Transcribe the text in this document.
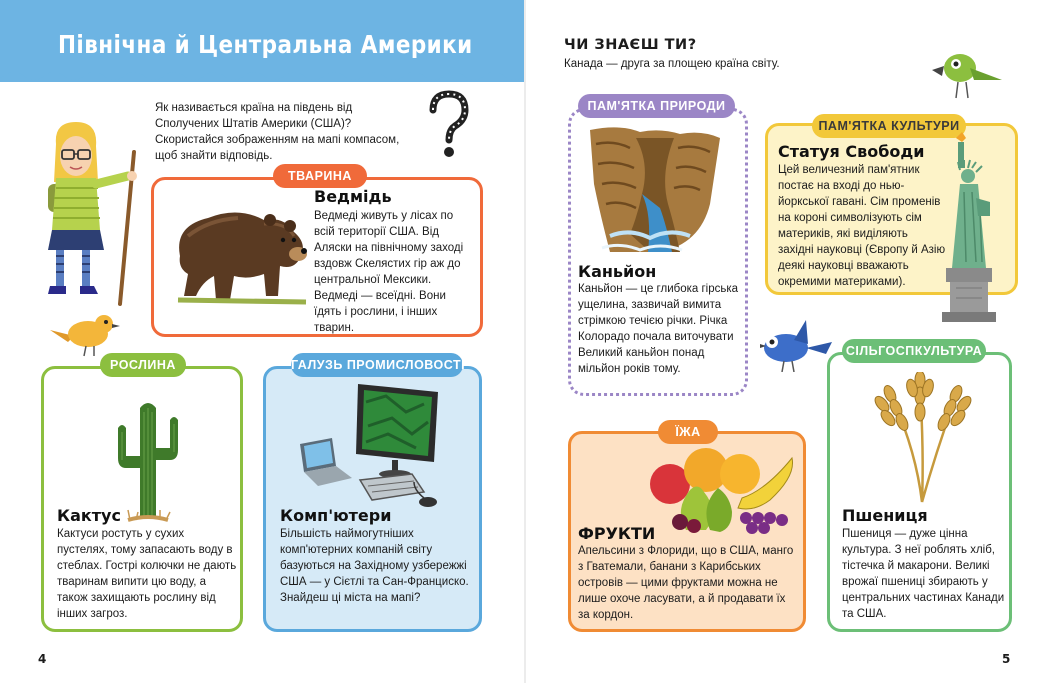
Північна й Центральна Америки
Як називається країна на південь від Сполучених Штатів Америки (США)? Скористайся зображенням на мапі компасом, щоб знайти відповідь.
ТВАРИНА
Ведмідь
Ведмеді живуть у лісах по всій території США. Від Аляски на північному заході вздовж Скелястих гір аж до центральної Мексики. Ведмеді — всеїдні. Вони їдять і рослини, і інших тварин.
РОСЛИНА
Кактус
Кактуси ростуть у сухих пустелях, тому запасають воду в стеблах. Гострі колючки не дають тваринам випити цю воду, а також захищають рослину від інших загроз.
ГАЛУЗЬ ПРОМИСЛОВОСТІ
Комп'ютери
Більшість наймогутніших комп'ютерних компаній світу базуються на Західному узбережжі США — у Сієтлі та Сан-Франциско. Знайдеш ці міста на мапі?
4
ЧИ ЗНАЄШ ТИ?
Канада — друга за площею країна світу.
ПАМ'ЯТКА ПРИРОДИ
Каньйон
Каньйон — це глибока гірська ущелина, зазвичай вимита стрімкою течією річки. Річка Колорадо почала виточувати Великий каньйон понад мільйон років тому.
ПАМ'ЯТКА КУЛЬТУРИ
Статуя Свободи
Цей величезний пам'ятник постає на вході до нью-йоркської гавані. Сім променів на короні символізують сім материків, які виділяють західні науковці (Європу й Азію деякі науковці вважають окремими материками).
СІЛЬГОСПКУЛЬТУРА
Пшениця
Пшениця — дуже цінна культура. З неї роблять хліб, тістечка й макарони. Великі врожаї пшениці збирають у центральних частинах Канади та США.
ЇЖА
ФРУКТИ
Апельсини з Флориди, що в США, манго з Гватемали, банани з Карибських островів — цими фруктами можна не лише охоче ласувати, а й продавати їх за кордон.
5
